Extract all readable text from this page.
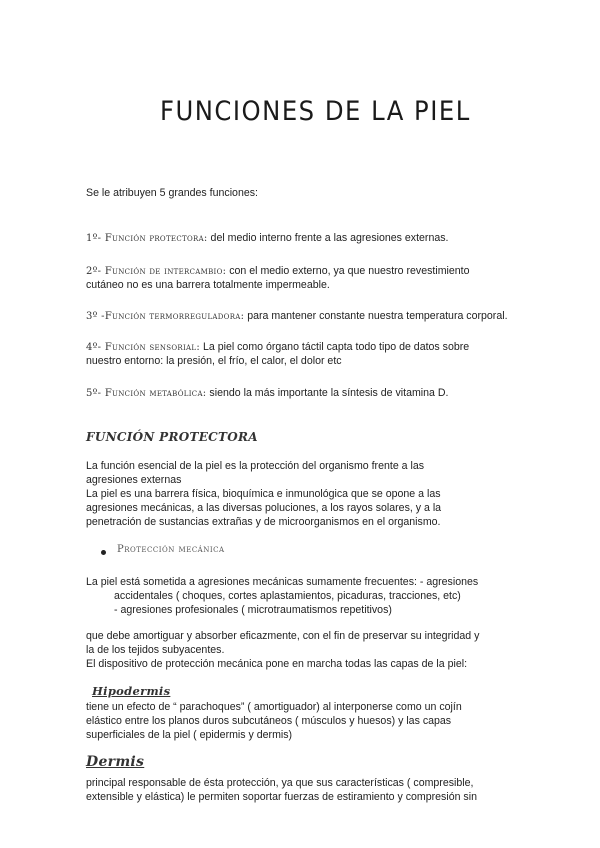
FUNCIONES DE LA PIEL

Se le atribuyen 5 grandes funciones:

1º- Función protectora: del medio interno frente a las agresiones externas.

2º- Función de intercambio: con el medio externo, ya que nuestro revestimiento

cutáneo no es una barrera totalmente impermeable.

3º -Función termorreguladora: para mantener constante nuestra temperatura corporal.

4º- Función sensorial: La piel como órgano táctil capta todo tipo de datos sobre

nuestro entorno: la presión, el frío, el calor, el dolor etc

5º- Función metabólica: siendo la más importante la síntesis de vitamina D.

FUNCIÓN PROTECTORA

La función esencial de la piel es la protección del organismo frente a las

agresiones externas

La piel es una barrera física, bioquímica e inmunológica que se opone a las

agresiones mecánicas, a las diversas poluciones, a los rayos solares, y a la

penetración de sustancias extrañas y de microorganismos en el organismo.

Protección mecánica

La piel está sometida a agresiones mecánicas sumamente frecuentes: - agresiones

accidentales ( choques, cortes aplastamientos, picaduras, tracciones, etc)

- agresiones profesionales ( microtraumatismos repetitivos)

que debe amortiguar y absorber eficazmente, con el fin de preservar su integridad y

la de los tejidos subyacentes.

El dispositivo de protección mecánica pone en marcha todas las capas de la piel:

Hipodermis

tiene un efecto de “ parachoques” ( amortiguador) al interponerse como un cojín

elástico entre los planos duros subcutáneos ( músculos y huesos) y las capas

superficiales de la piel ( epidermis y dermis)

Dermis

principal responsable de ésta protección, ya que sus características ( compresible,

extensible y elástica) le permiten soportar fuerzas de estiramiento y compresión sin
